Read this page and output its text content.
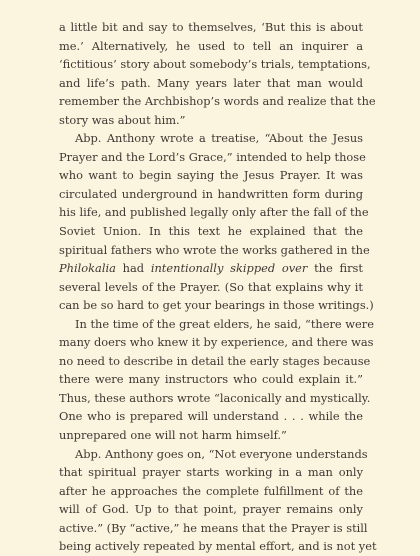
a little bit and say to themselves, ‘But this is about
me.’ Alternatively, he used to tell an inquirer a
‘fictitious’ story about somebody’s trials, temptations,
and life’s path. Many years later that man would
remember the Archbishop’s words and realize that the
story was about him.”

Abp. Anthony wrote a treatise, “About the Jesus
Prayer and the Lord’s Grace,” intended to help those
who want to begin saying the Jesus Prayer. It was
circulated underground in handwritten form during
his life, and published legally only after the fall of the
Soviet Union. In this text he explained that the
spiritual fathers who wrote the works gathered in the
Philokalia had intentionally skipped over the first
several levels of the Prayer. (So that explains why it
can be so hard to get your bearings in those writings.)

In the time of the great elders, he said, “there were
many doers who knew it by experience, and there was
no need to describe in detail the early stages because
there were many instructors who could explain it.”
Thus, these authors wrote “laconically and mystically.
One who is prepared will understand . . . while the
unprepared one will not harm himself.”

Abp. Anthony goes on, “Not everyone understands
that spiritual prayer starts working in a man only
after he approaches the complete fulfillment of the
will of God. Up to that point, prayer remains only
active.” (By “active,” he means that the Prayer is still
being actively repeated by mental effort, and is not yet
